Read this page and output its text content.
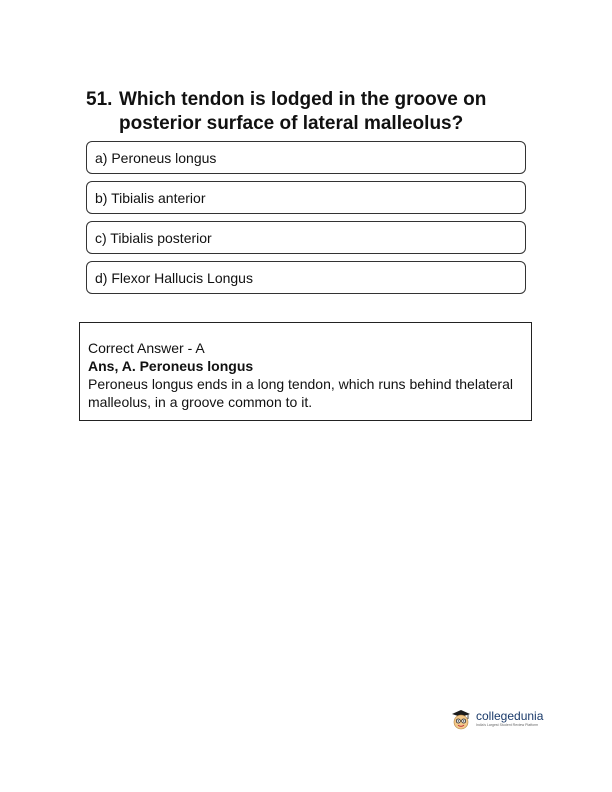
51. Which tendon is lodged in the groove on posterior surface of lateral malleolus?
a) Peroneus longus
b) Tibialis anterior
c) Tibialis posterior
d) Flexor Hallucis Longus
Correct Answer - A
Ans, A. Peroneus longus
Peroneus longus ends in a long tendon, which runs behind thelateral malleolus, in a groove common to it.
collegedunia
India's Largest Student Review Platform
